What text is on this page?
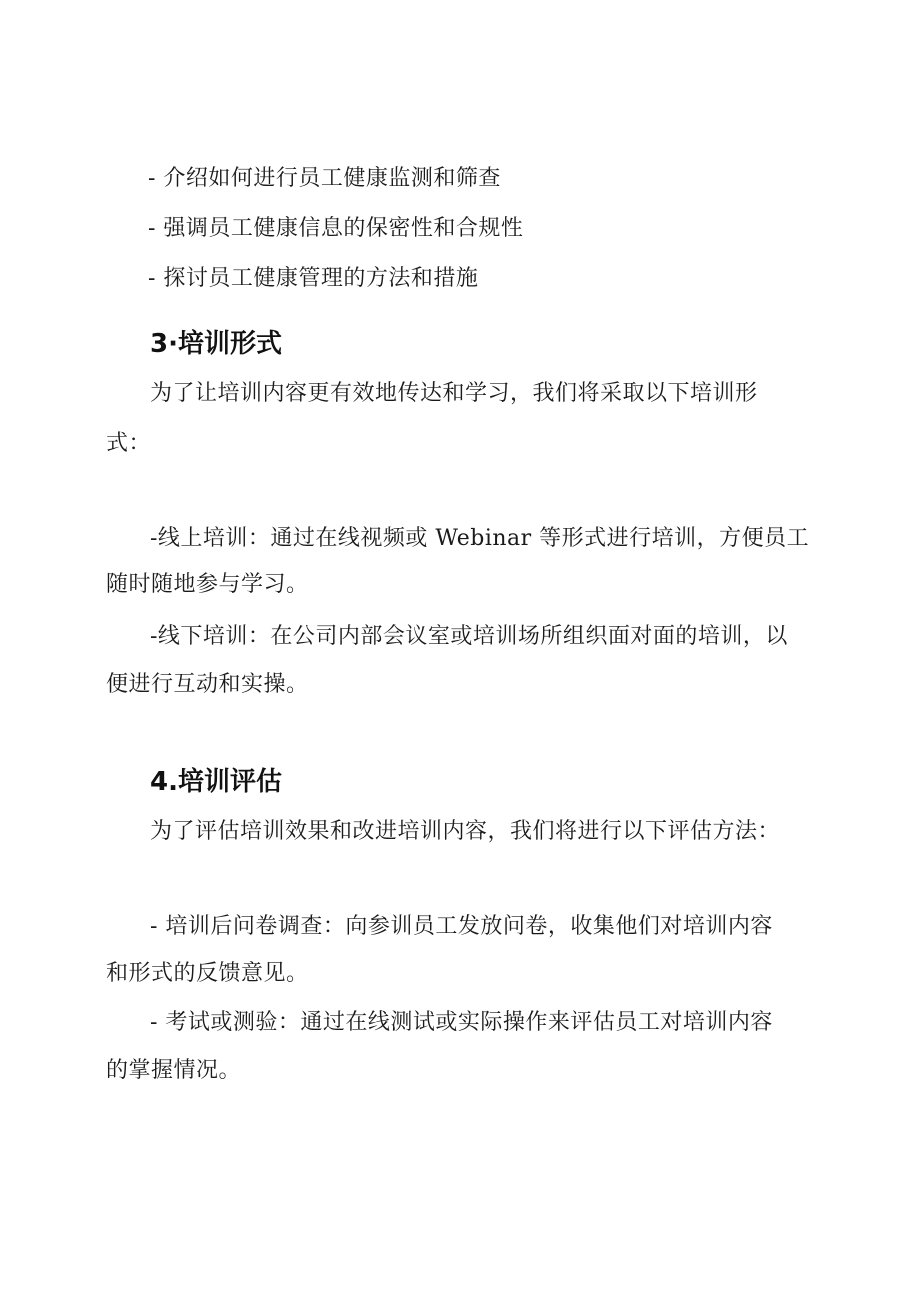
- 介绍如何进行员工健康监测和筛查
- 强调员工健康信息的保密性和合规性
- 探讨员工健康管理的方法和措施
3·培训形式
为了让培训内容更有效地传达和学习，我们将采取以下培训形
式：
-线上培训：通过在线视频或 Webinar 等形式进行培训，方便员工
随时随地参与学习。
-线下培训：在公司内部会议室或培训场所组织面对面的培训，以
便进行互动和实操。
4.培训评估
为了评估培训效果和改进培训内容，我们将进行以下评估方法：
- 培训后问卷调查：向参训员工发放问卷，收集他们对培训内容
和形式的反馈意见。
- 考试或测验：通过在线测试或实际操作来评估员工对培训内容
的掌握情况。
